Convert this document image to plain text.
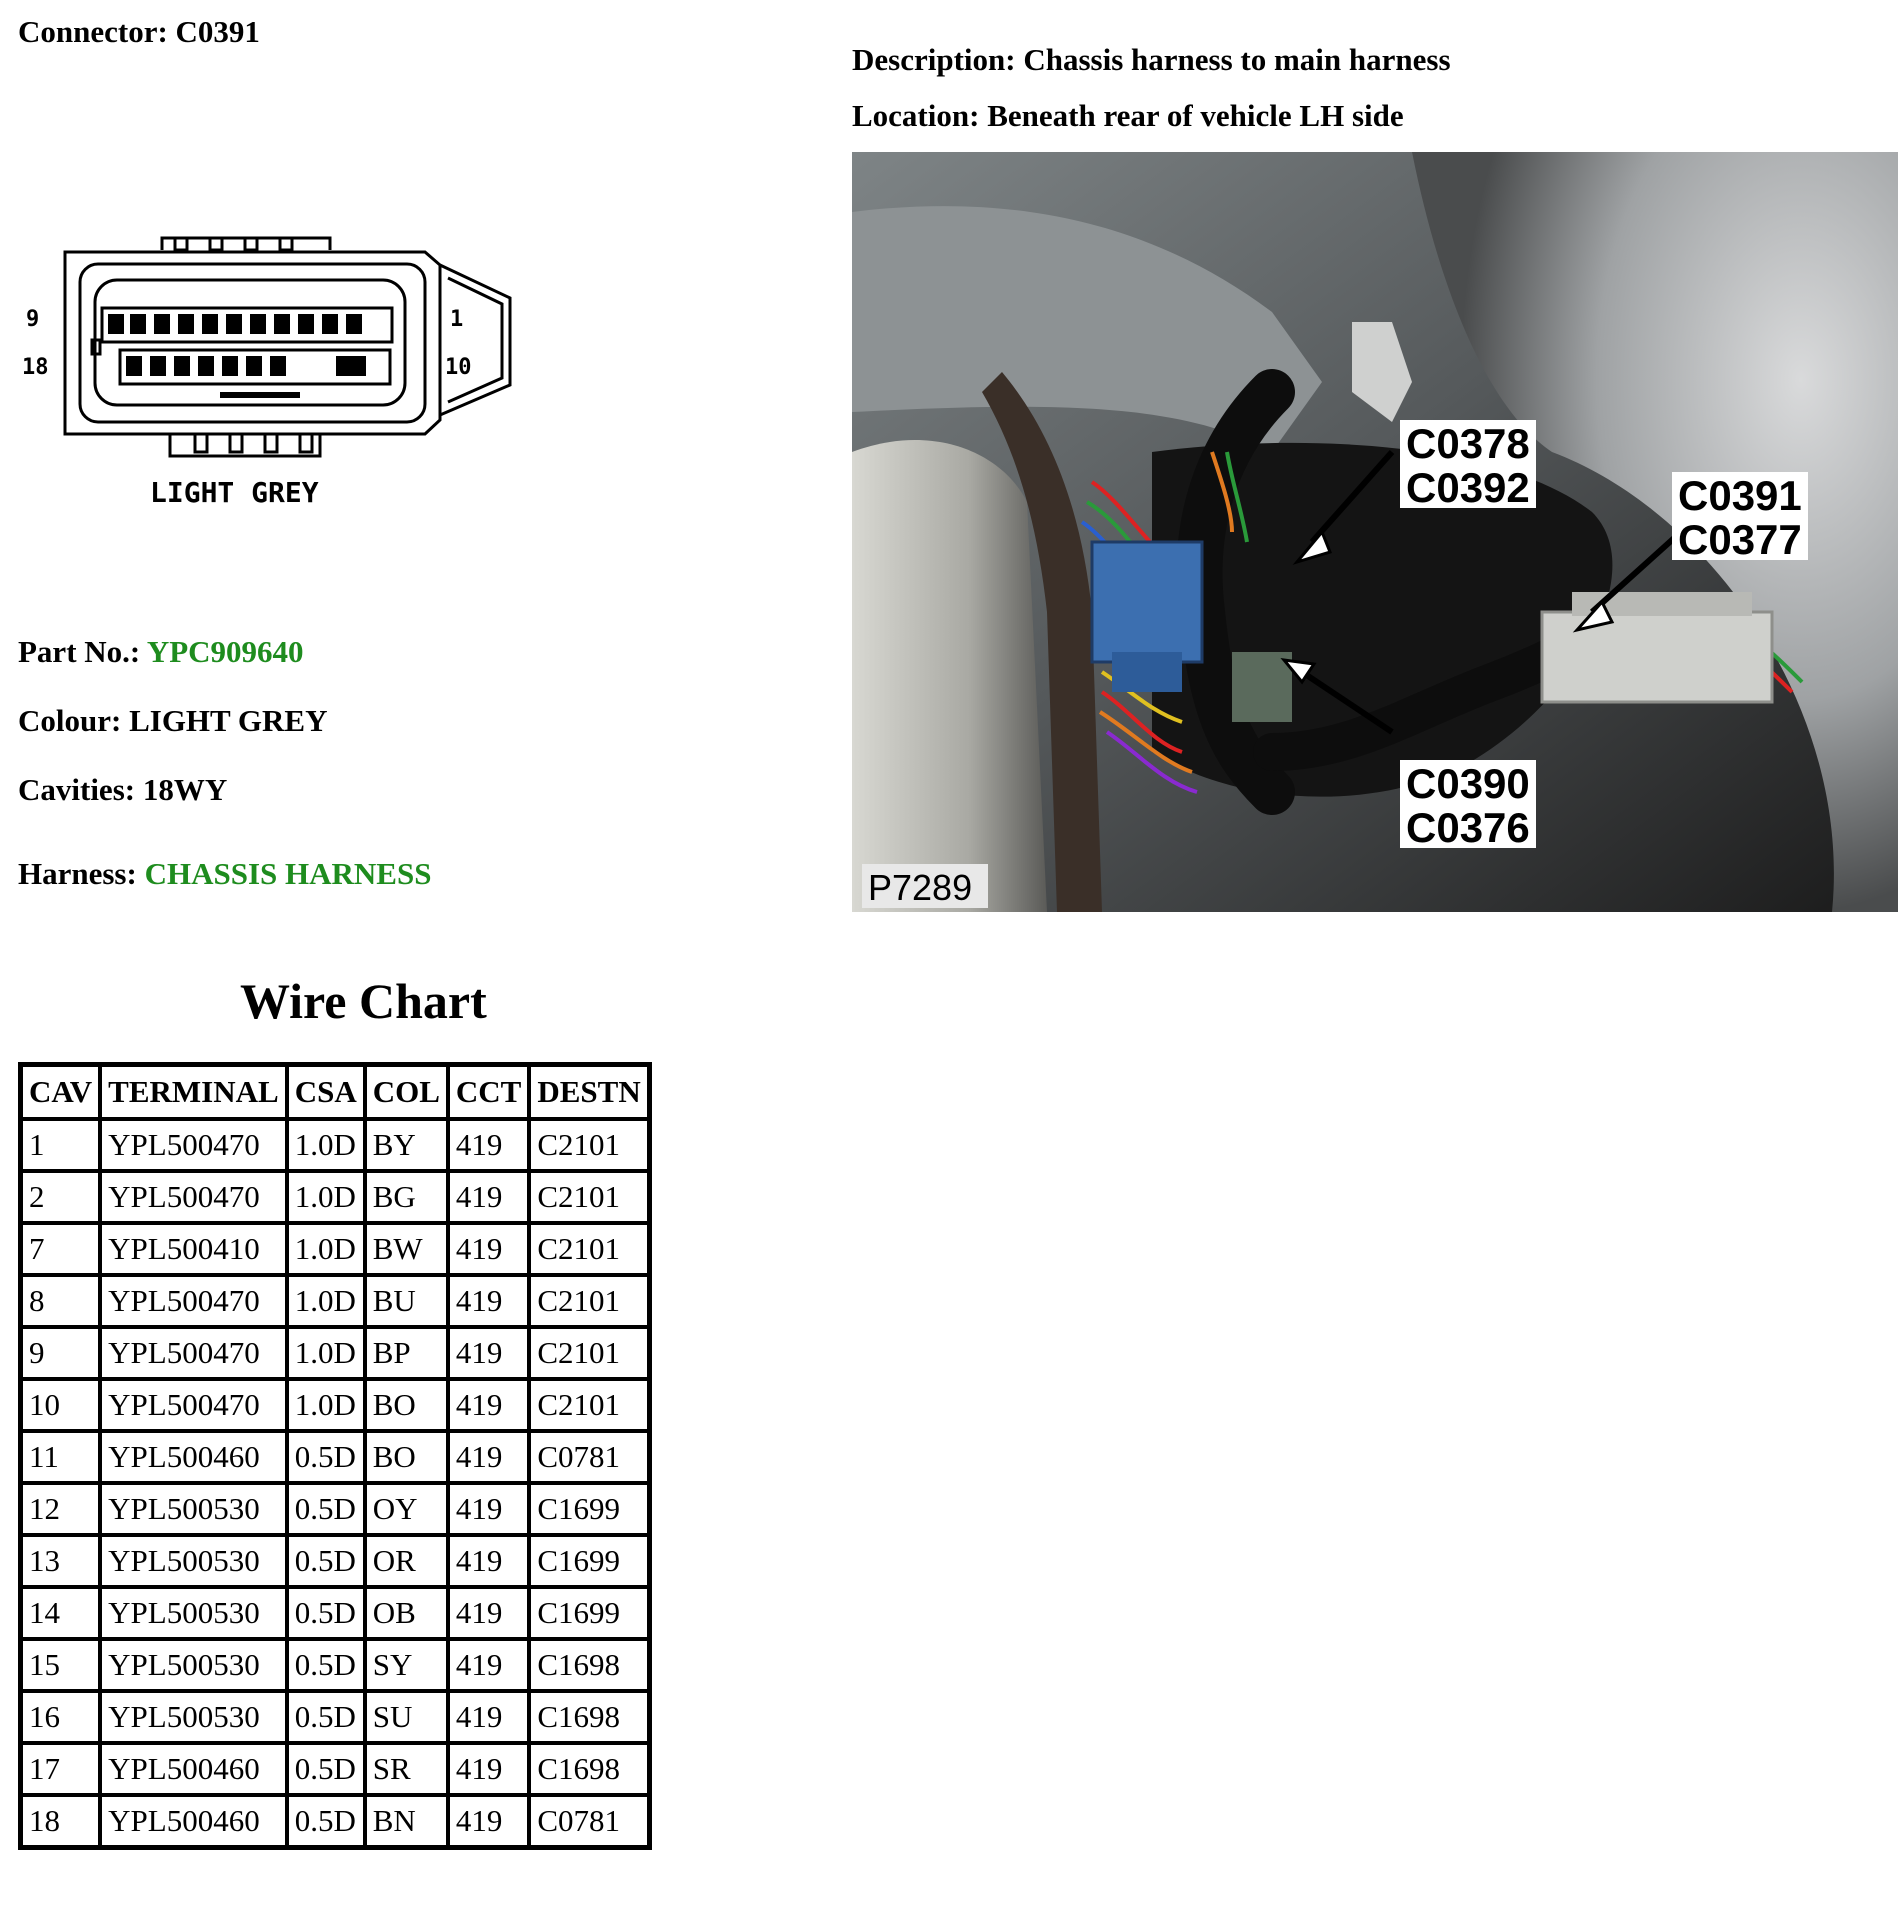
Connector: C0391
Description: Chassis harness to main harness
Location: Beneath rear of vehicle LH side
9
18
1
10
LIGHT GREY
C0378
C0392	C0391
C0377
C0390
C0376
P7289
Part No.: YPC909640
Colour: LIGHT GREY
Cavities: 18WY
Harness: CHASSIS HARNESS
Wire Chart
CAV	TERMINAL	CSA	COL	CCT	DESTN
1	YPL500470	1.0D	BY	419	C2101
2	YPL500470	1.0D	BG	419	C2101
7	YPL500410	1.0D	BW	419	C2101
8	YPL500470	1.0D	BU	419	C2101
9	YPL500470	1.0D	BP	419	C2101
10	YPL500470	1.0D	BO	419	C2101
11	YPL500460	0.5D	BO	419	C0781
12	YPL500530	0.5D	OY	419	C1699
13	YPL500530	0.5D	OR	419	C1699
14	YPL500530	0.5D	OB	419	C1699
15	YPL500530	0.5D	SY	419	C1698
16	YPL500530	0.5D	SU	419	C1698
17	YPL500460	0.5D	SR	419	C1698
18	YPL500460	0.5D	BN	419	C0781
